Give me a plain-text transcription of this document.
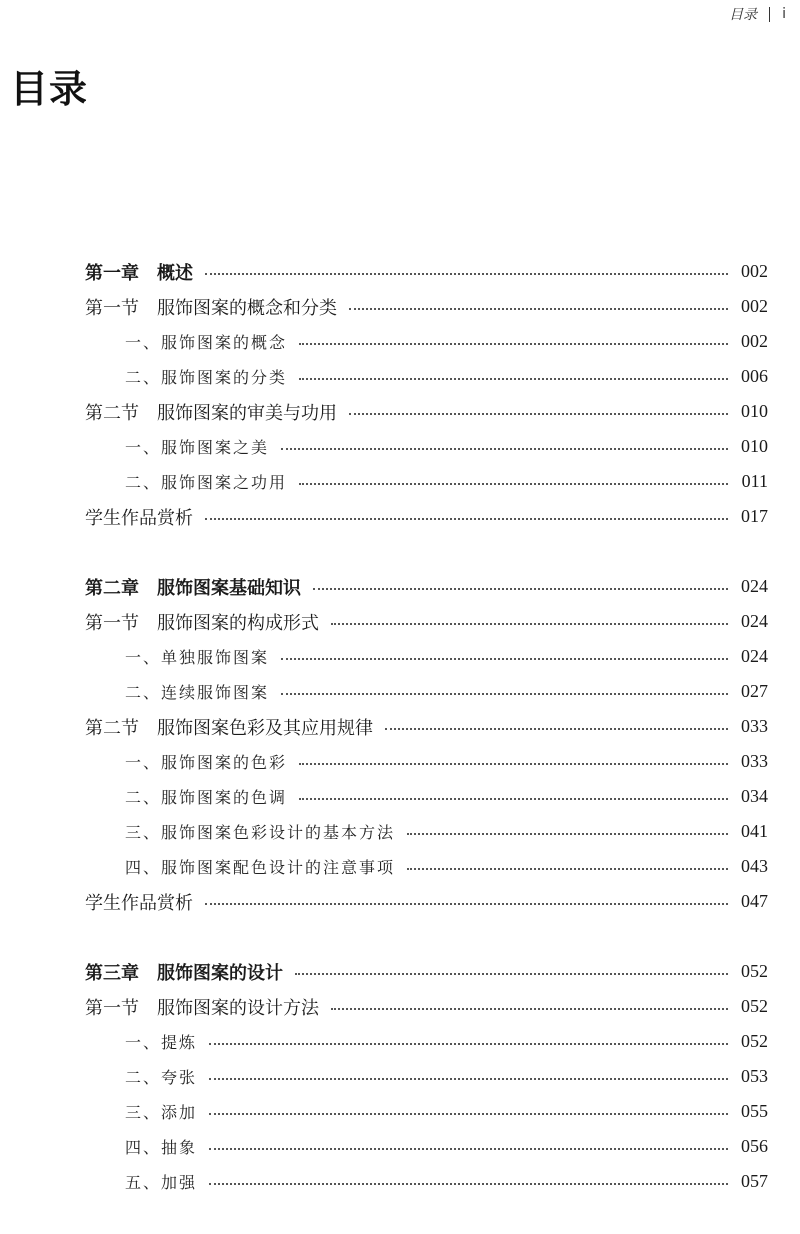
目录 i
目录
第一章　概述	002
第一节　服饰图案的概念和分类	002
一、服饰图案的概念	002
二、服饰图案的分类	006
第二节　服饰图案的审美与功用	010
一、服饰图案之美	010
二、服饰图案之功用	011
学生作品赏析	017
第二章　服饰图案基础知识	024
第一节　服饰图案的构成形式	024
一、单独服饰图案	024
二、连续服饰图案	027
第二节　服饰图案色彩及其应用规律	033
一、服饰图案的色彩	033
二、服饰图案的色调	034
三、服饰图案色彩设计的基本方法	041
四、服饰图案配色设计的注意事项	043
学生作品赏析	047
第三章　服饰图案的设计	052
第一节　服饰图案的设计方法	052
一、提炼	052
二、夸张	053
三、添加	055
四、抽象	056
五、加强	057
